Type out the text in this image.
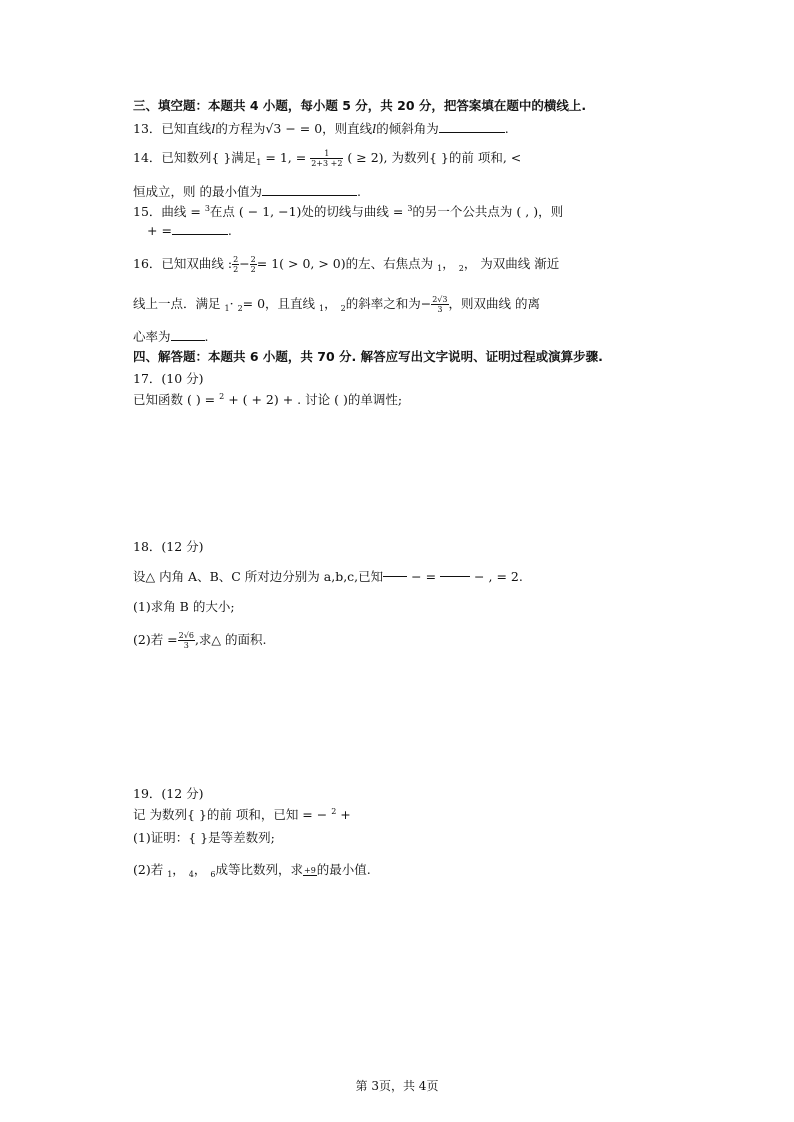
三、填空题：本题共 4 小题，每小题 5 分，共 20 分，把答案填在题中的横线上.
13．已知直线l的方程为√3 − = 0，则直线l的倾斜角为	.
14．已知数列{ }满足$_1$ = 1, = $\frac{1}{2+3 +2}$ ( ≥ 2), 为数列{ }的前 项和, <
恒成立，则 的最小值为	.
15．曲线 = $^3$在点 ( − 1, −1)处的切线与曲线 = $^3$的另一个公共点为 ( , )，则
+ =	.
16．已知双曲线 : $\frac{2}{2} - \frac{2}{2} = 1( > 0$, > 0)的左、右焦点为 $_1$， $_2$， 为双曲线 渐近
线上一点．满足 $_1$· $_2$= 0，且直线 $_1$， $_2$的斜率之和为− $\frac{2√3}{3}$ ，则双曲线 的离
心率为	.
四、解答题：本题共 6 小题，共 70 分. 解答应写出文字说明、证明过程或演算步骤.
17．(10 分)
已知函数 ( ) = $^2$ + ( + 2) + . 讨论 ( )的单调性;
18．(12 分)
设△ 内角 A、B、C 所对边分别为 a,b,c,已知 − =	− , = 2.
(1)求角 B 的大小;
(2)若 = $\frac{2√6}{3}$ ,求△ 的面积.
19．(12 分)
记 为数列{ }的前 项和，已知 = − $^2$ +
(1)证明：{ }是等差数列;
(2)若 $_1$， $_4$， $_6$成等比数列，求 +9 的最小值.
第 3页，共 4页
